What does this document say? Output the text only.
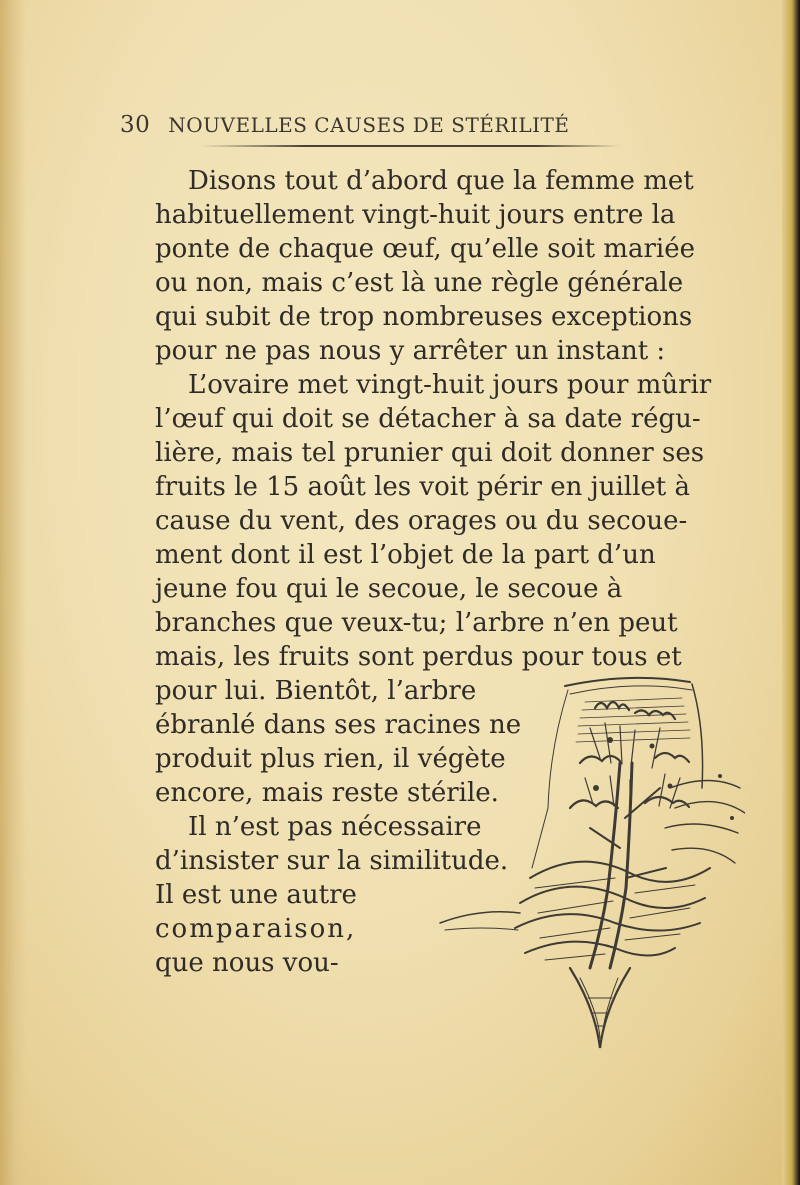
30 NOUVELLES CAUSES DE STÉRILITÉ
Disons tout d’abord que la femme met
habituellement vingt-huit jours entre la
ponte de chaque œuf, qu’elle soit mariée
ou non, mais c’est là une règle générale
qui subit de trop nombreuses exceptions
pour ne pas nous y arrêter un instant :
L’ovaire met vingt-huit jours pour mûrir
l’œuf qui doit se détacher à sa date régu-
lière, mais tel prunier qui doit donner ses
fruits le 15 août les voit périr en juillet à
cause du vent, des orages ou du secoue-
ment dont il est l’objet de la part d’un
jeune fou qui le secoue, le secoue à
branches que veux-tu; l’arbre n’en peut
mais, les fruits sont perdus pour tous et
pour lui. Bientôt, l’arbre
ébranlé dans ses racines ne
produit plus rien, il végète
encore, mais reste stérile.
Il n’est pas nécessaire
d’insister sur la similitude.
Il est une autre
comparaison,
que nous vou-
